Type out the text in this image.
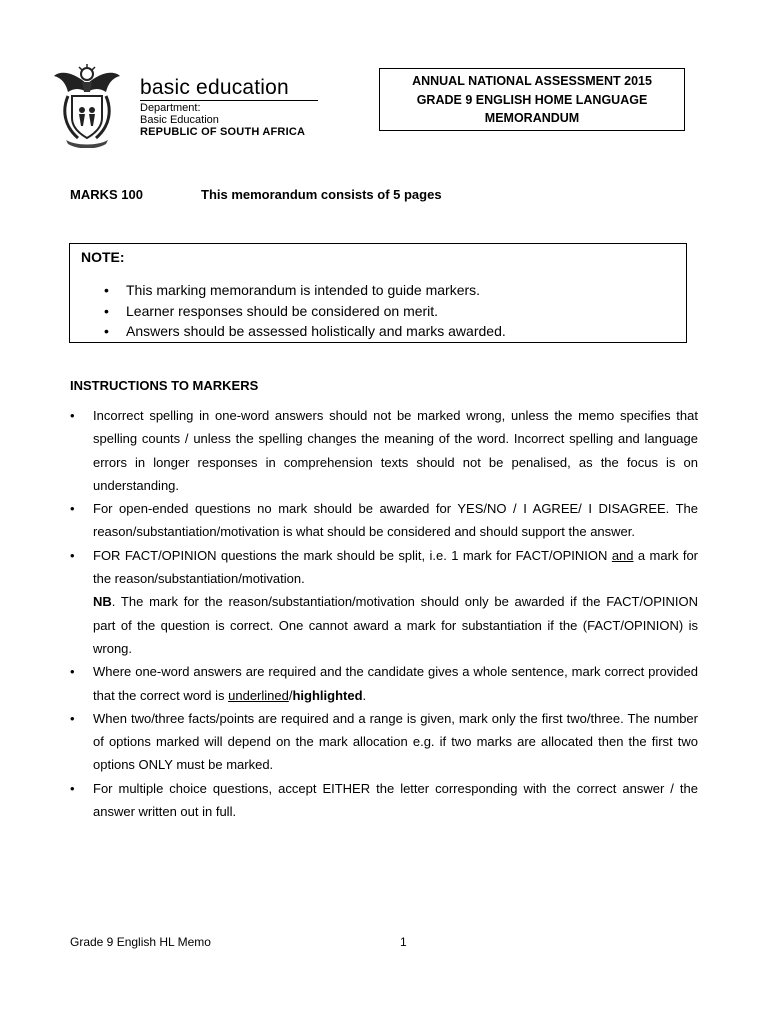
basic education
Department:
Basic Education
REPUBLIC OF SOUTH AFRICA
ANNUAL NATIONAL ASSESSMENT 2015
GRADE 9 ENGLISH HOME LANGUAGE
MEMORANDUM
MARKS 100	This memorandum consists of 5 pages
NOTE:
• This marking memorandum is intended to guide markers.
• Learner responses should be considered on merit.
• Answers should be assessed holistically and marks awarded.
INSTRUCTIONS TO MARKERS
• Incorrect spelling in one-word answers should not be marked wrong, unless the memo specifies that spelling counts / unless the spelling changes the meaning of the word. Incorrect spelling and language errors in longer responses in comprehension texts should not be penalised, as the focus is on understanding.
• For open-ended questions no mark should be awarded for YES/NO / I AGREE/ I DISAGREE. The reason/substantiation/motivation is what should be considered and should support the answer.
• FOR FACT/OPINION questions the mark should be split, i.e. 1 mark for FACT/OPINION and a mark for the reason/substantiation/motivation.
NB. The mark for the reason/substantiation/motivation should only be awarded if the FACT/OPINION part of the question is correct. One cannot award a mark for substantiation if the (FACT/OPINION) is wrong.
• Where one-word answers are required and the candidate gives a whole sentence, mark correct provided that the correct word is underlined/highlighted.
• When two/three facts/points are required and a range is given, mark only the first two/three. The number of options marked will depend on the mark allocation e.g. if two marks are allocated then the first two options ONLY must be marked.
• For multiple choice questions, accept EITHER the letter corresponding with the correct answer / the answer written out in full.
Grade 9 English HL Memo	1
